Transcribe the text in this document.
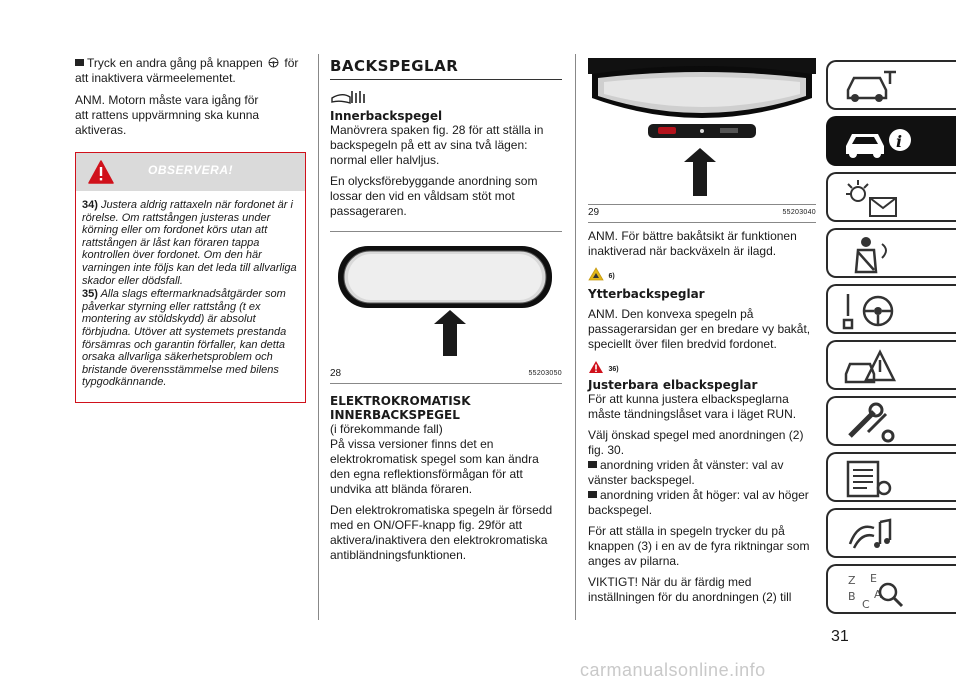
Tryck en andra gång på knappen för
att inaktivera värmeelementet.

ANM. Motorn måste vara igång för att rattens uppvärmning ska kunna aktiveras.

OBSERVERA!

34) Justera aldrig rattaxeln när fordonet är i rörelse. Om rattstången justeras under körning eller om fordonet körs utan att rattstången är låst kan föraren tappa kontrollen över fordonet. Om den här varningen inte följs kan det leda till allvarliga skador eller dödsfall.

35) Alla slags eftermarknadsåtgärder som påverkar styrning eller rattstång (t ex montering av stöldskydd) är absolut förbjudna. Utöver att systemets prestanda försämras och garantin förfaller, kan detta orsaka allvarliga säkerhetsproblem och bristande överensstämmelse med bilens typgodkännande.

BACKSPEGLAR
Innerbackspegel

Manövrera spaken fig. 28 för att ställa in backspegeln på ett av sina två lägen: normal eller halvljus.

En olycksförebyggande anordning som lossar den vid en våldsam stöt mot passageraren.

28	55203050
ELEKTROKROMATISK INNERBACKSPEGEL

(i förekommande fall)

På vissa versioner finns det en elektrokromatisk spegel som kan ändra den egna reflektionsförmågan för att undvika att blända föraren.

Den elektrokromatiska spegeln är försedd med en ON/OFF-knapp fig. 29för att aktivera/inaktivera den elektrokromatiska antibländningsfunktionen.

29	55203040

ANM. För bättre bakåtsikt är funktionen inaktiverad när backväxeln är ilagd.

6)
Ytterbackspeglar

ANM. Den konvexa spegeln på passagerarsidan ger en bredare vy bakåt, speciellt över filen bredvid fordonet.

36)
Justerbara elbackspeglar

För att kunna justera elbackspeglarna måste tändningslåset vara i läget RUN.

Välj önskad spegel med anordningen (2) fig. 30.

anordning vriden åt vänster: val av vänster backspegel.

anordning vriden åt höger: val av höger backspegel.

För att ställa in spegeln trycker du på knappen (3) i en av de fyra riktningar som anges av pilarna.

VIKTIGT! När du är färdig med inställningen för du anordningen (2) till

i
Z E
B
C
A
31
carmanualsonline.info
